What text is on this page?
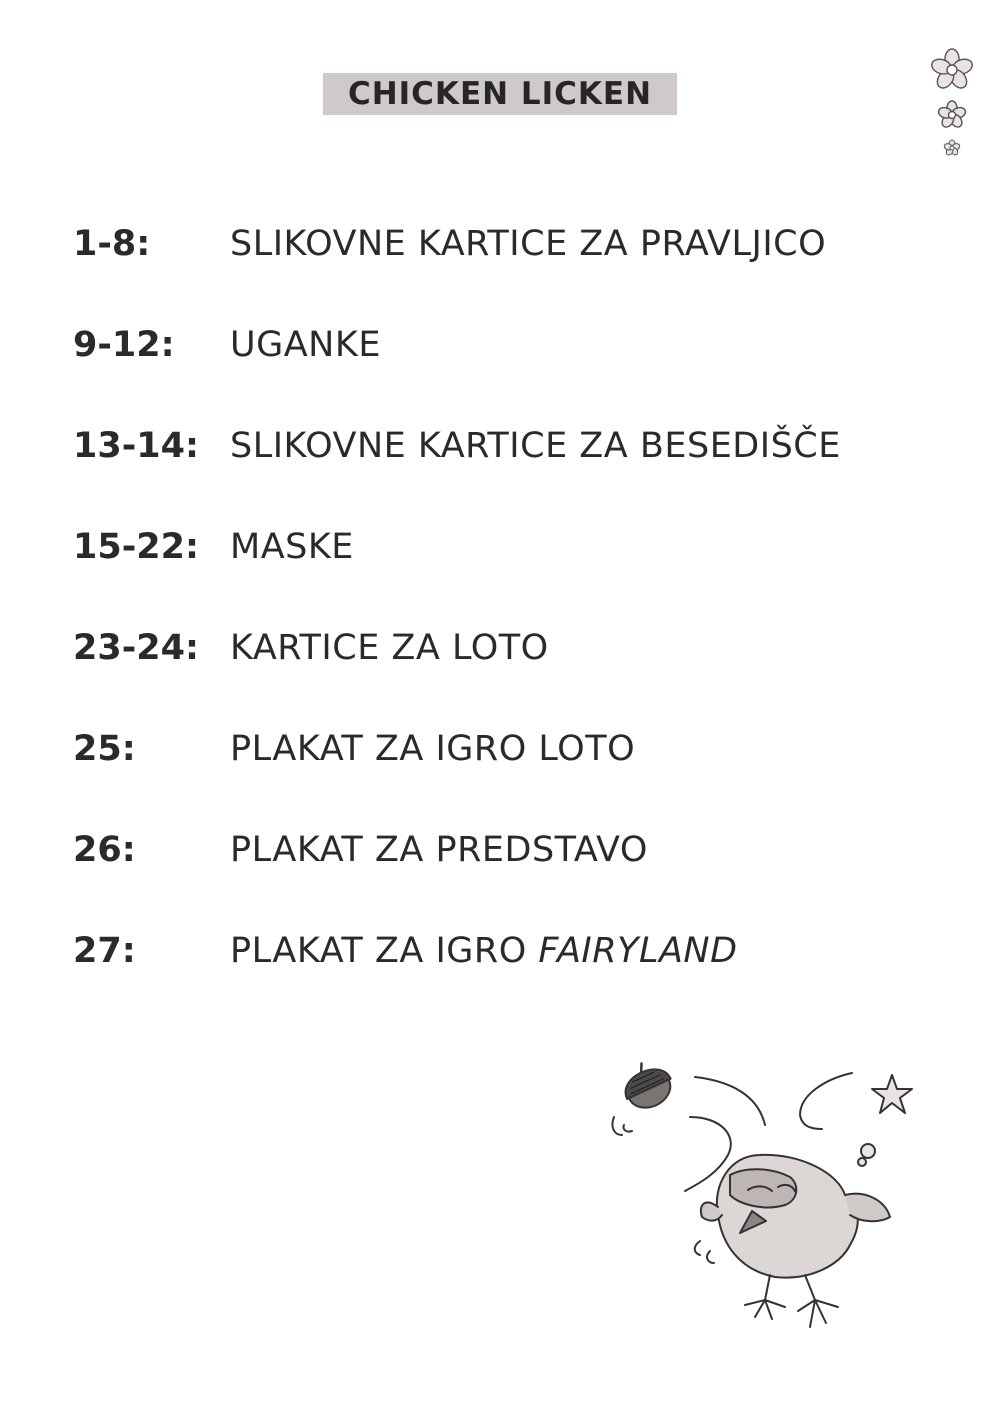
CHICKEN LICKEN
1-8:	SLIKOVNE KARTICE ZA PRAVLJICO
9-12:	UGANKE
13-14: SLIKOVNE KARTICE ZA BESEDIŠČE
15-22: MASKE
23-24: KARTICE ZA LOTO
25:	PLAKAT ZA IGRO LOTO
26:	PLAKAT ZA PREDSTAVO
27:	PLAKAT ZA IGRO FAIRYLAND
